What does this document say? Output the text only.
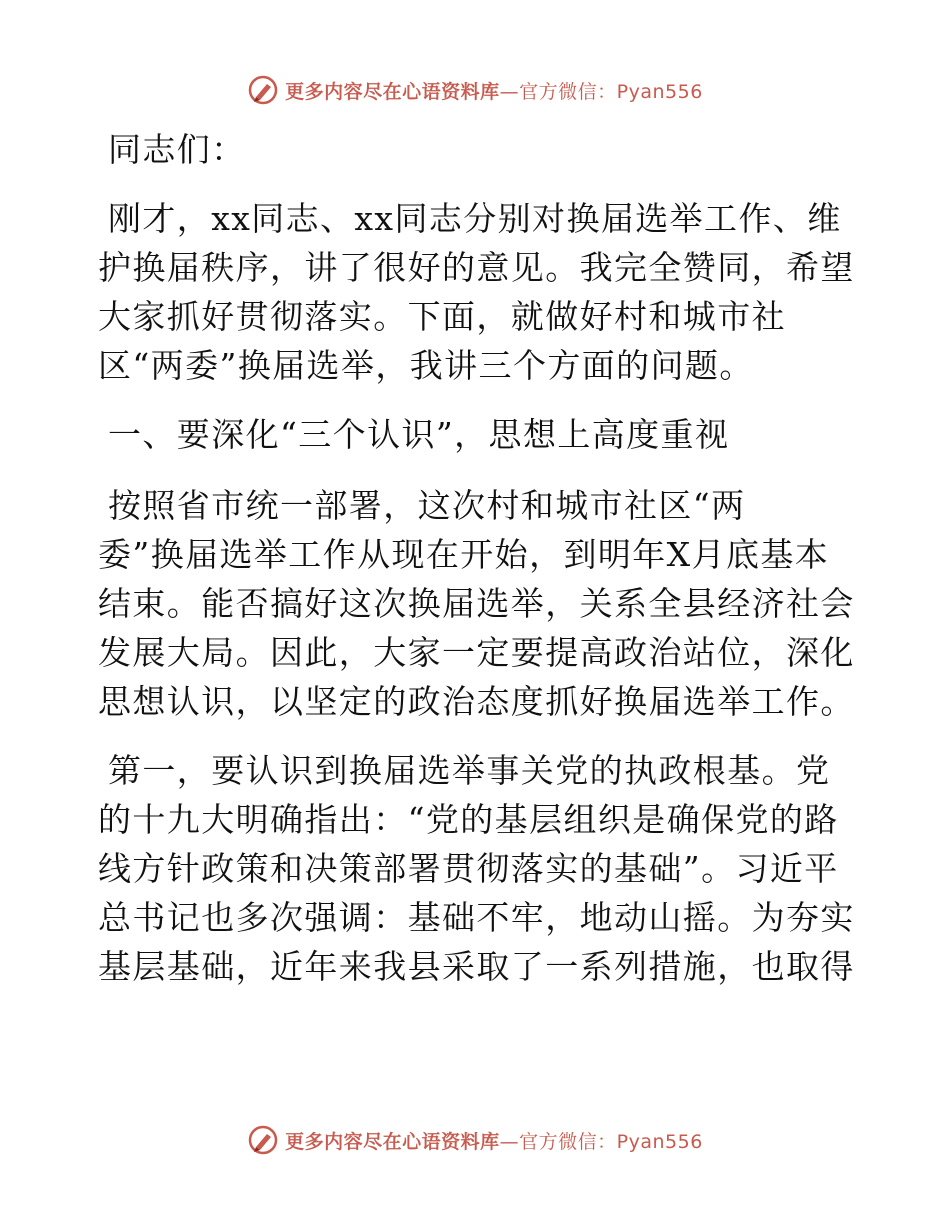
更多内容尽在心语资料库—官方微信：Pyan556

同志们：

刚才，xx同志、xx同志分别对换届选举工作、维

护换届秩序，讲了很好的意见。我完全赞同，希望

大家抓好贯彻落实。下面，就做好村和城市社

区“两委”换届选举，我讲三个方面的问题。

一、要深化“三个认识”，思想上高度重视

按照省市统一部署，这次村和城市社区“两

委”换届选举工作从现在开始，到明年X月底基本

结束。能否搞好这次换届选举，关系全县经济社会

发展大局。因此，大家一定要提高政治站位，深化

思想认识，以坚定的政治态度抓好换届选举工作。

第一，要认识到换届选举事关党的执政根基。党

的十九大明确指出：“党的基层组织是确保党的路

线方针政策和决策部署贯彻落实的基础”。习近平

总书记也多次强调：基础不牢，地动山摇。为夯实

基层基础，近年来我县采取了一系列措施，也取得

更多内容尽在心语资料库—官方微信：Pyan556
